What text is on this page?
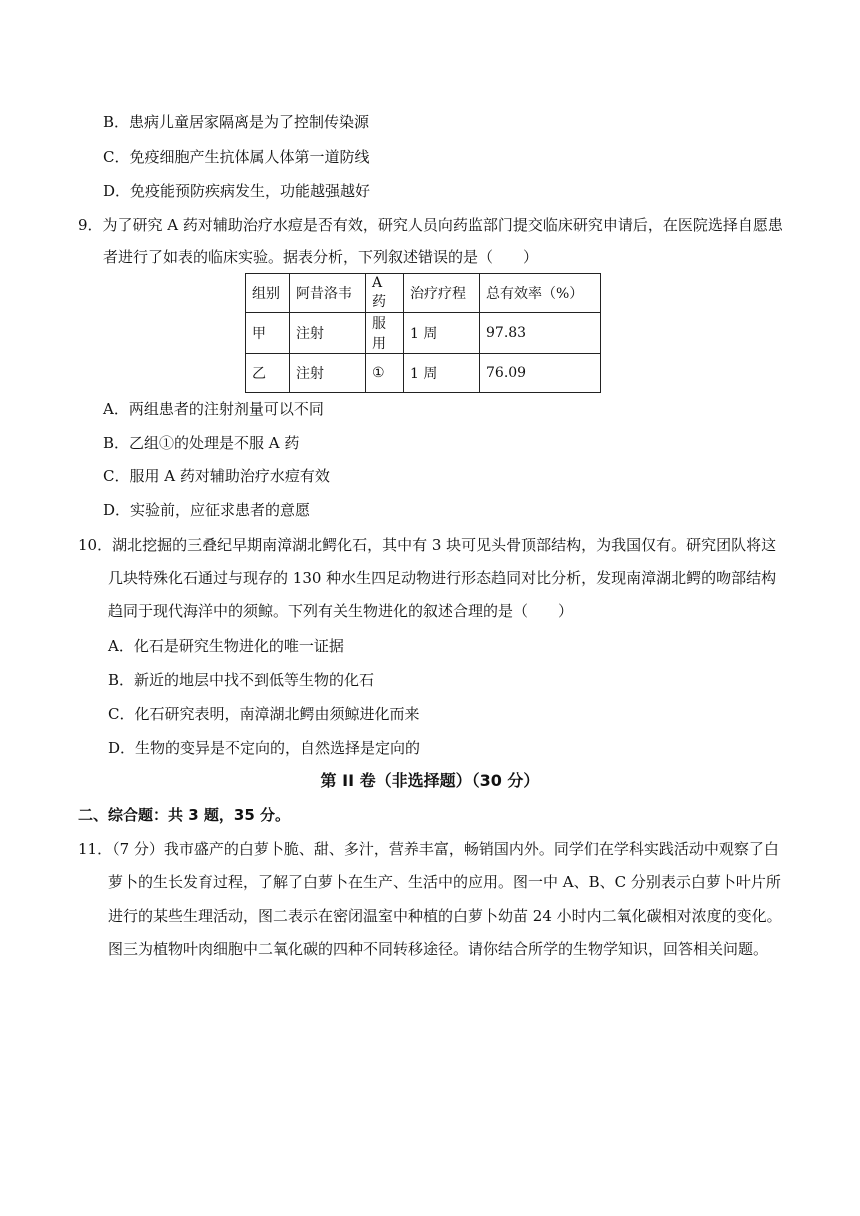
B．患病儿童居家隔离是为了控制传染源
C．免疫细胞产生抗体属人体第一道防线
D．免疫能预防疾病发生，功能越强越好
9．为了研究 A 药对辅助治疗水痘是否有效，研究人员向药监部门提交临床研究申请后，在医院选择自愿患
者进行了如表的临床实验。据表分析，下列叙述错误的是（　　）
组别	阿昔洛韦	A 药	治疗疗程	总有效率（%）
甲	注射	服用	1 周	97.83
乙	注射	①	1 周	76.09
A．两组患者的注射剂量可以不同
B．乙组①的处理是不服 A 药
C．服用 A 药对辅助治疗水痘有效
D．实验前，应征求患者的意愿
10．湖北挖掘的三叠纪早期南漳湖北鳄化石，其中有 3 块可见头骨顶部结构，为我国仅有。研究团队将这
几块特殊化石通过与现存的 130 种水生四足动物进行形态趋同对比分析，发现南漳湖北鳄的吻部结构
趋同于现代海洋中的须鲸。下列有关生物进化的叙述合理的是（　　）
A．化石是研究生物进化的唯一证据
B．新近的地层中找不到低等生物的化石
C．化石研究表明，南漳湖北鳄由须鲸进化而来
D．生物的变异是不定向的，自然选择是定向的
第 II 卷（非选择题）（30 分）
二、综合题：共 3 题，35 分。
11．（7 分）我市盛产的白萝卜脆、甜、多汁，营养丰富，畅销国内外。同学们在学科实践活动中观察了白
萝卜的生长发育过程，了解了白萝卜在生产、生活中的应用。图一中 A、B、C 分别表示白萝卜叶片所
进行的某些生理活动，图二表示在密闭温室中种植的白萝卜幼苗 24 小时内二氧化碳相对浓度的变化。
图三为植物叶肉细胞中二氧化碳的四种不同转移途径。请你结合所学的生物学知识，回答相关问题。
